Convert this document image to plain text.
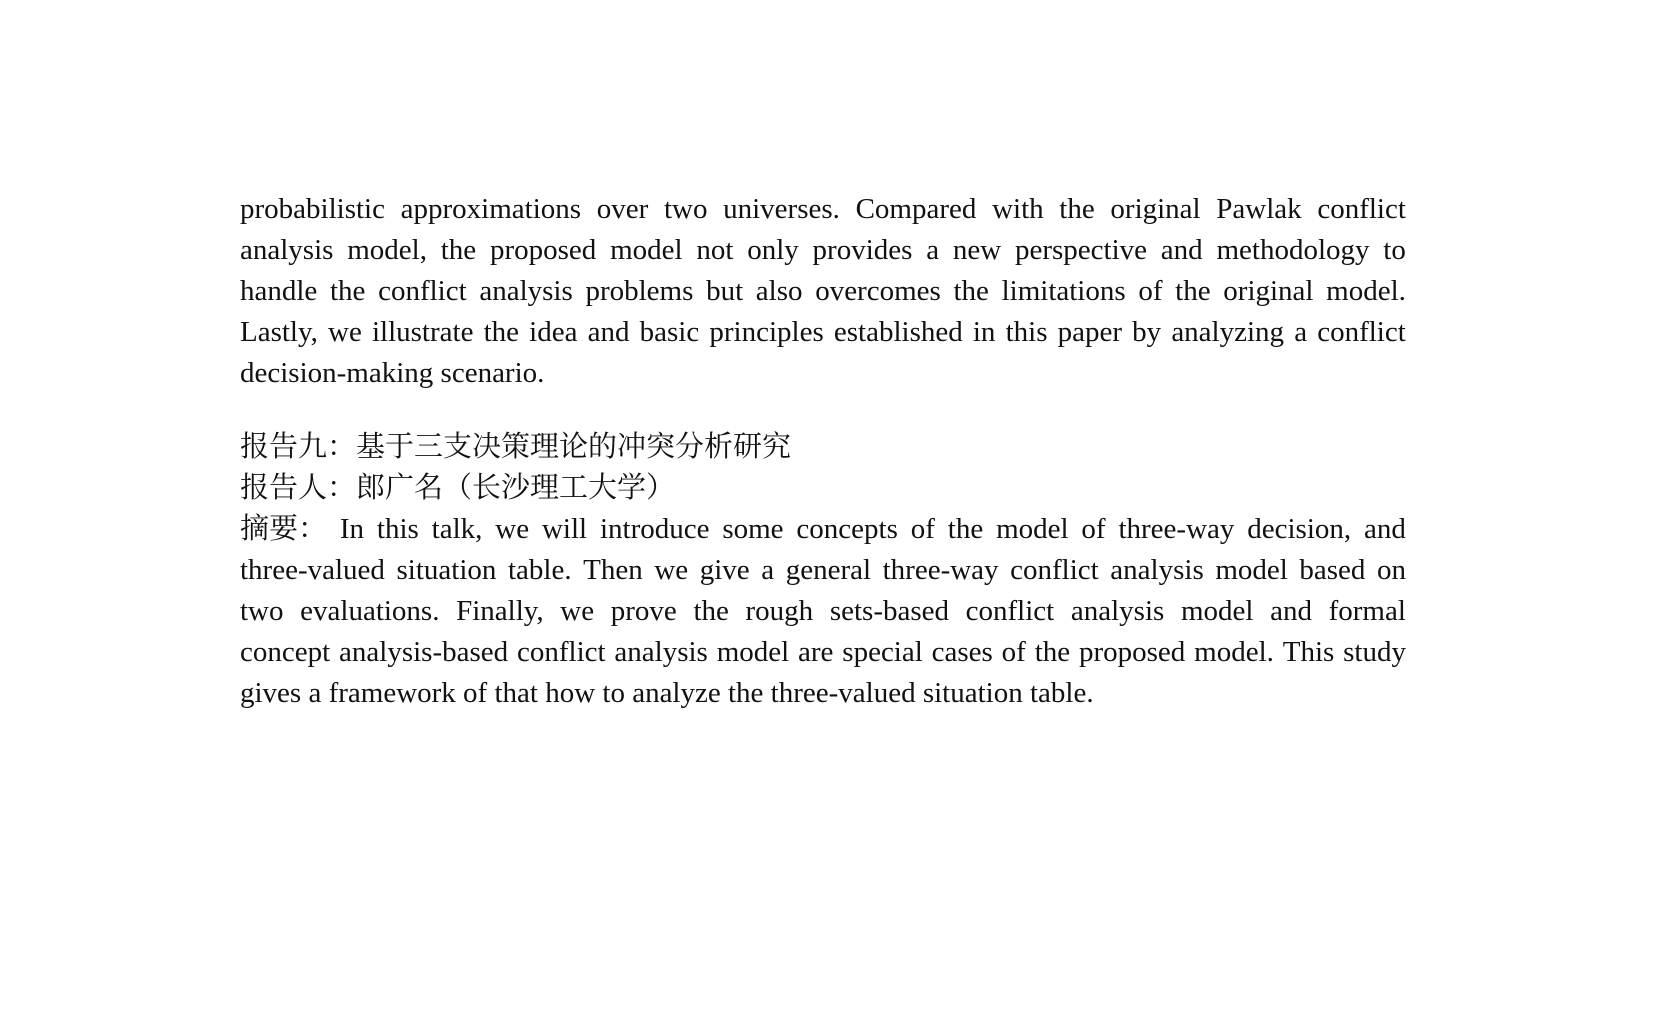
probabilistic approximations over two universes. Compared with the original Pawlak conflict
analysis model, the proposed model not only provides a new perspective and methodology to
handle the conflict analysis problems but also overcomes the limitations of the original model.
Lastly, we illustrate the idea and basic principles established in this paper by analyzing a conflict
decision-making scenario.
报告九：基于三支决策理论的冲突分析研究
报告人：郎广名（长沙理工大学）
摘要： In this talk, we will introduce some concepts of the model of three-way decision, and
three-valued situation table. Then we give a general three-way conflict analysis model based on
two evaluations. Finally, we prove the rough sets-based conflict analysis model and formal
concept analysis-based conflict analysis model are special cases of the proposed model. This study
gives a framework of that how to analyze the three-valued situation table.
